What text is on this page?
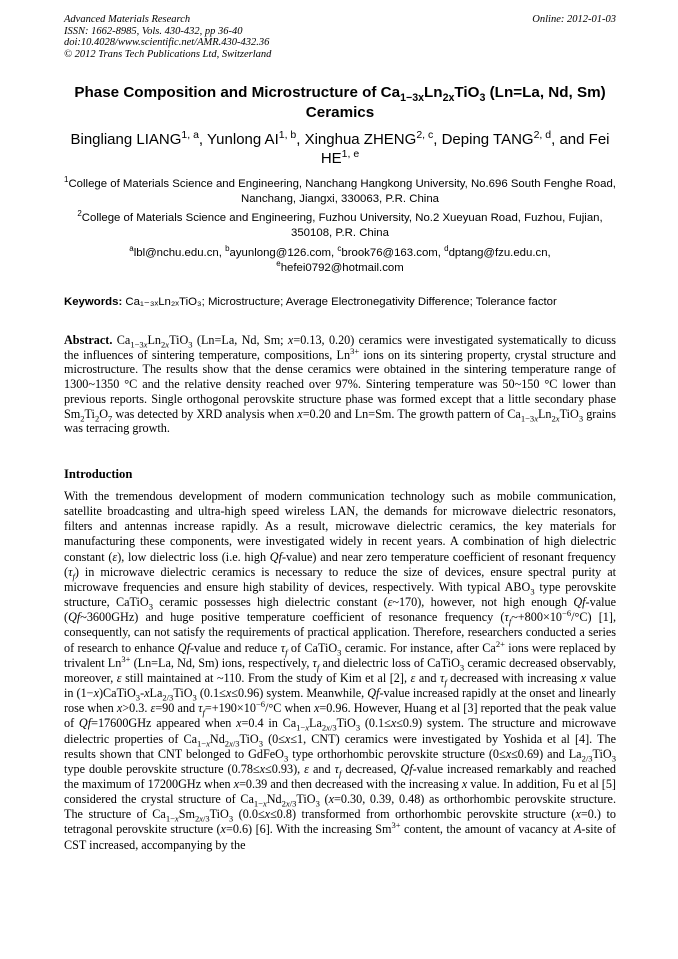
Advanced Materials Research
ISSN: 1662-8985, Vols. 430-432, pp 36-40
doi:10.4028/www.scientific.net/AMR.430-432.36
© 2012 Trans Tech Publications Ltd, Switzerland
Online: 2012-01-03
Phase Composition and Microstructure of $Ca_{1-3x}Ln_{2x}TiO_3$ (Ln=La, Nd, Sm) Ceramics
Bingliang LIANG$^{1, a}$, Yunlong AI$^{1, b}$, Xinghua ZHENG$^{2, c}$, Deping TANG$^{2, d}$, and Fei HE$^{1, e}$
$^1$College of Materials Science and Engineering, Nanchang Hangkong University, No.696 South Fenghe Road, Nanchang, Jiangxi, 330063, P.R. China
$^2$College of Materials Science and Engineering, Fuzhou University, No.2 Xueyuan Road, Fuzhou, Fujian, 350108, P.R. China
$^a$lbl@nchu.edu.cn, $^b$ayunlong@126.com, $^c$brook76@163.com, $^d$dptang@fzu.edu.cn,
$^e$hefei0792@hotmail.com
Keywords: Ca₁₋₃ₓLn₂ₓTiO₃; Microstructure; Average Electronegativity Difference; Tolerance factor
Abstract. $Ca_{1-3x}Ln_{2x}TiO_3$ (Ln=La, Nd, Sm; x=0.13, 0.20) ceramics were investigated systematically to dicuss the influences of sintering temperature, compositions, $Ln^{3+}$ ions on its sintering property, crystal structure and microstructure. The results show that the dense ceramics were obtained in the sintering temperature range of 1300~1350 °C and the relative density reached over 97%. Sintering temperature was 50~150 °C lower than previous reports. Single orthogonal perovskite structure phase was formed except that a little secondary phase $Sm_2Ti_2O_7$ was detected by XRD analysis when x=0.20 and Ln=Sm. The growth pattern of $Ca_{1-3x}Ln_{2x}TiO_3$ grains was terracing growth.
Introduction
With the tremendous development of modern communication technology such as mobile communication, satellite broadcasting and ultra-high speed wireless LAN, the demands for microwave dielectric resonators, filters and antennas increase rapidly. As a result, microwave dielectric ceramics, the key materials for manufacturing these components, were investigated widely in recent years. A combination of high dielectric constant (ε), low dielectric loss (i.e. high Qf-value) and near zero temperature coefficient of resonant frequency $(\tau_f)$ in microwave dielectric ceramics is necessary to reduce the size of devices, ensure spectral purity at microwave frequencies and ensure high stability of devices, respectively. With typical $ABO_3$ type perovskite structure, CaTiO$_3$ ceramic possesses high dielectric constant (ε~170), however, not high enough Qf-value (Qf~3600GHz) and huge positive temperature coefficient of resonance frequency $(\tau_f\sim+800\times 10^{-6}/^\circ C)$ [1], consequently, can not satisfy the requirements of practical application. Therefore, researchers conducted a series of research to enhance Qf-value and reduce $\tau_f$ of CaTiO$_3$ ceramic. For instance, after $Ca^{2+}$ ions were replaced by trivalent $Ln^{3+}$ (Ln=La, Nd, Sm) ions, respectively, $\tau_f$ and dielectric loss of CaTiO$_3$ ceramic decreased observably, moreover, ε still maintained at ~110. From the study of Kim et al [2], ε and $\tau_f$ decreased with increasing x value in (1−x)CaTiO$_3$-xLa$_{2/3}$TiO$_3$ (0.1≤x≤0.96) system. Meanwhile, Qf-value increased rapidly at the onset and linearly rose when x>0.3. ε=90 and $\tau_f=+190\times 10^{-6}/^\circ C$ when x=0.96. However, Huang et al [3] reported that the peak value of Qf=17600GHz appeared when x=0.4 in $Ca_{1-x}La_{2x/3}TiO_3$ (0.1≤x≤0.9) system. The structure and microwave dielectric properties of $Ca_{1-x}Nd_{2x/3}TiO_3$ (0≤x≤1, CNT) ceramics were investigated by Yoshida et al [4]. The results shown that CNT belonged to GdFeO$_3$ type orthorhombic perovskite structure (0≤x≤0.69) and $La_{2/3}TiO_3$ type double perovskite structure (0.78≤x≤0.93), ε and $\tau_f$ decreased, Qf-value increased remarkably and reached the maximum of 17200GHz when x=0.39 and then decreased with the increasing x value. In addition, Fu et al [5] considered the crystal structure of $Ca_{1-x}Nd_{2x/3}TiO_3$ (x=0.30, 0.39, 0.48) as orthorhombic perovskite structure. The structure of $Ca_{1-x}Sm_{2x/3}TiO_3$ (0.0≤x≤0.8) transformed from orthorhombic perovskite structure (x=0.) to tetragonal perovskite structure (x=0.6) [6]. With the increasing $Sm^{3+}$ content, the amount of vacancy at A-site of CST increased, accompanying by the
